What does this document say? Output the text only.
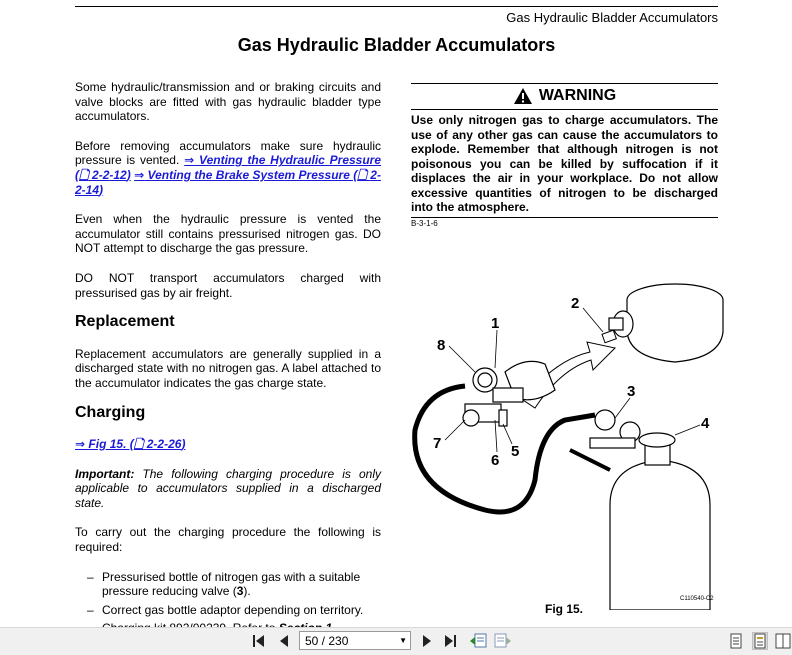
Gas Hydraulic Bladder Accumulators
Gas Hydraulic Bladder Accumulators

Some hydraulic/transmission and or braking circuits and valve blocks are fitted with gas hydraulic bladder type accumulators.

Before removing accumulators make sure hydraulic pressure is vented. ⇒ Venting the Hydraulic Pressure (🗋 2-2-12) ⇒ Venting the Brake System Pressure (🗋 2-2-14)

Even when the hydraulic pressure is vented the accumulator still contains pressurised nitrogen gas. DO NOT attempt to discharge the gas pressure.

DO NOT transport accumulators charged with pressurised gas by air freight.

Replacement

Replacement accumulators are generally supplied in a discharged state with no nitrogen gas. A label attached to the accumulator indicates the gas charge state.

Charging

⇒ Fig 15. (🗋 2-2-26)

Important: The following charging procedure is only applicable to accumulators supplied in a discharged state.

To carry out the charging procedure the following is required:

– Pressurised bottle of nitrogen gas with a suitable pressure reducing valve (3).
– Correct gas bottle adaptor depending on territory.
–
WARNING
Use only nitrogen gas to charge accumulators. The use of any other gas can cause the accumulators to explode. Remember that although nitrogen is not poisonous you can be killed by suffocation if it displaces the air in your workplace. Do not allow excessive quantities of nitrogen to be discharged into the atmosphere.
B-3-1-6
1
2
3
4
5
6
7
8
Fig 15.
C110540-C2
50 / 230	▼
